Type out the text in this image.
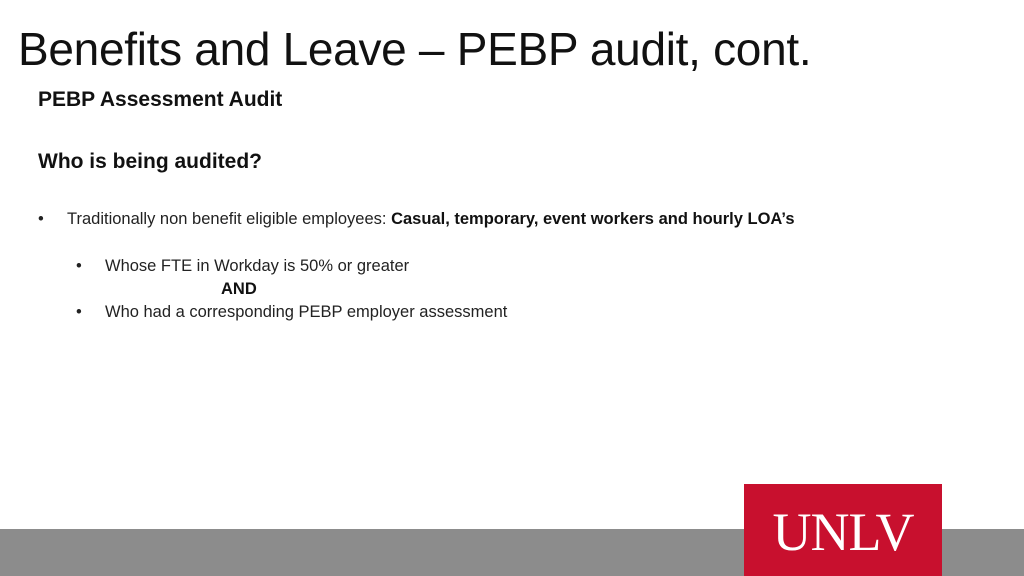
Benefits and Leave – PEBP audit, cont.
PEBP Assessment Audit
Who is being audited?
• Traditionally non benefit eligible employees: Casual, temporary, event workers and hourly LOA’s
• Whose FTE in Workday is 50% or greater
AND
• Who had a corresponding PEBP employer assessment
UNLV
